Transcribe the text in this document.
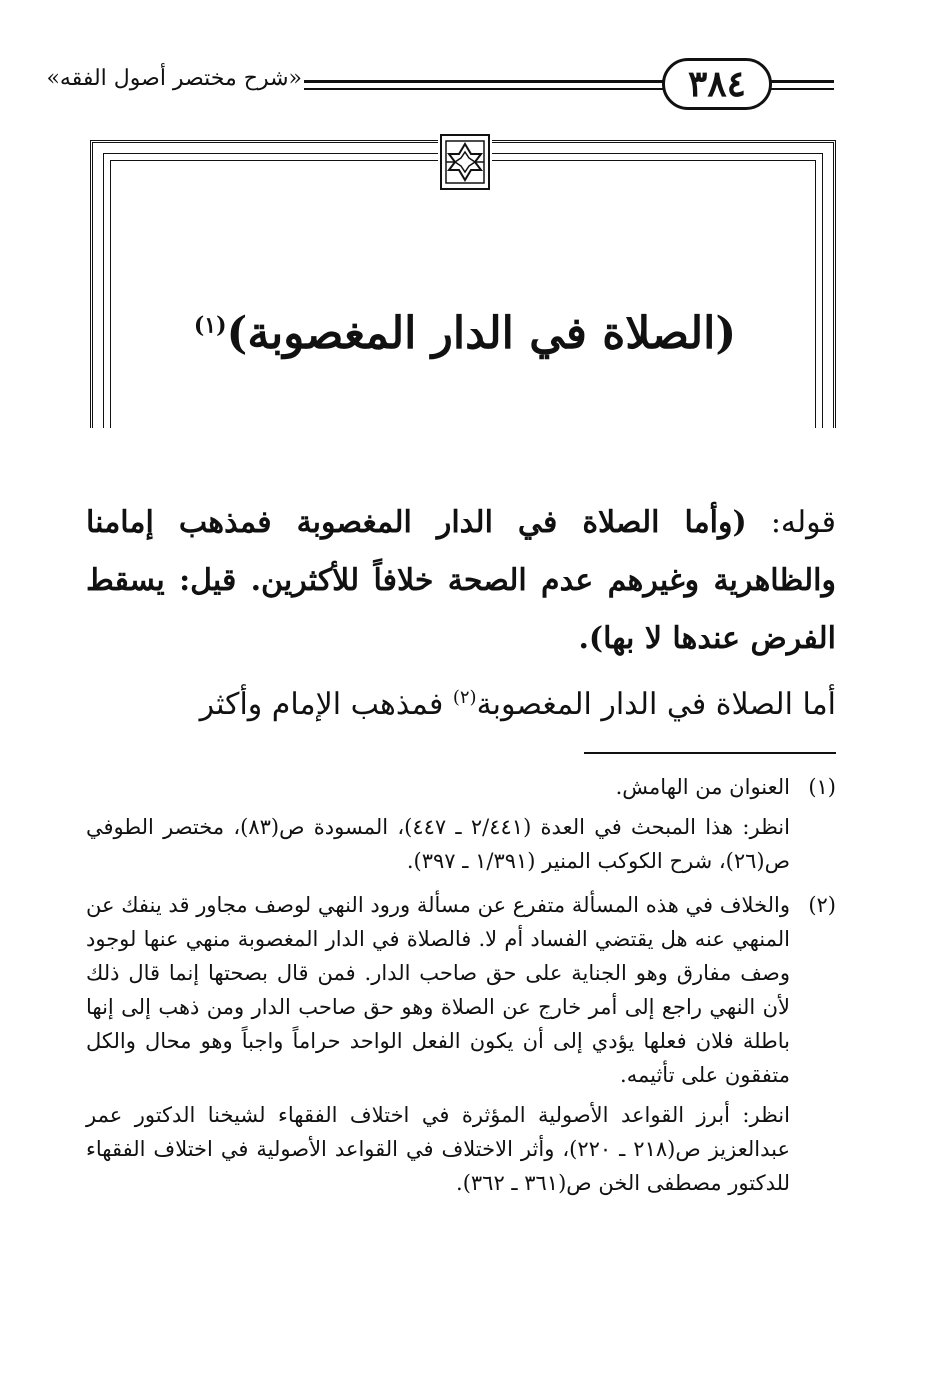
٣٨٤
«شرح مختصر أصول الفقه»
(الصلاة في الدار المغصوبة)$^{(١)}$
قوله: (وأما الصلاة في الدار المغصوبة فمذهب إمامنا والظاهرية وغيرهم عدم الصحة خلافاً للأكثرين. قيل: يسقط الفرض عندها لا بها).
أما الصلاة في الدار المغصوبة$^{(٢)}$ فمذهب الإمام وأكثر
(١)

العنوان من الهامش.

انظر: هذا المبحث في العدة (٢/٤٤١ ـ ٤٤٧)، المسودة ص(٨٣)، مختصر الطوفي ص(٢٦)، شرح الكوكب المنير (١/٣٩١ ـ ٣٩٧).

(٢)

والخلاف في هذه المسألة متفرع عن مسألة ورود النهي لوصف مجاور قد ينفك عن المنهي عنه هل يقتضي الفساد أم لا. فالصلاة في الدار المغصوبة منهي عنها لوجود وصف مفارق وهو الجناية على حق صاحب الدار. فمن قال بصحتها إنما قال ذلك لأن النهي راجع إلى أمر خارج عن الصلاة وهو حق صاحب الدار ومن ذهب إلى إنها باطلة فلان فعلها يؤدي إلى أن يكون الفعل الواحد حراماً واجباً وهو محال والكل متفقون على تأثيمه.

انظر: أبرز القواعد الأصولية المؤثرة في اختلاف الفقهاء لشيخنا الدكتور عمر عبدالعزيز ص(٢١٨ ـ ٢٢٠)، وأثر الاختلاف في القواعد الأصولية في اختلاف الفقهاء للدكتور مصطفى الخن ص(٣٦١ ـ ٣٦٢).
